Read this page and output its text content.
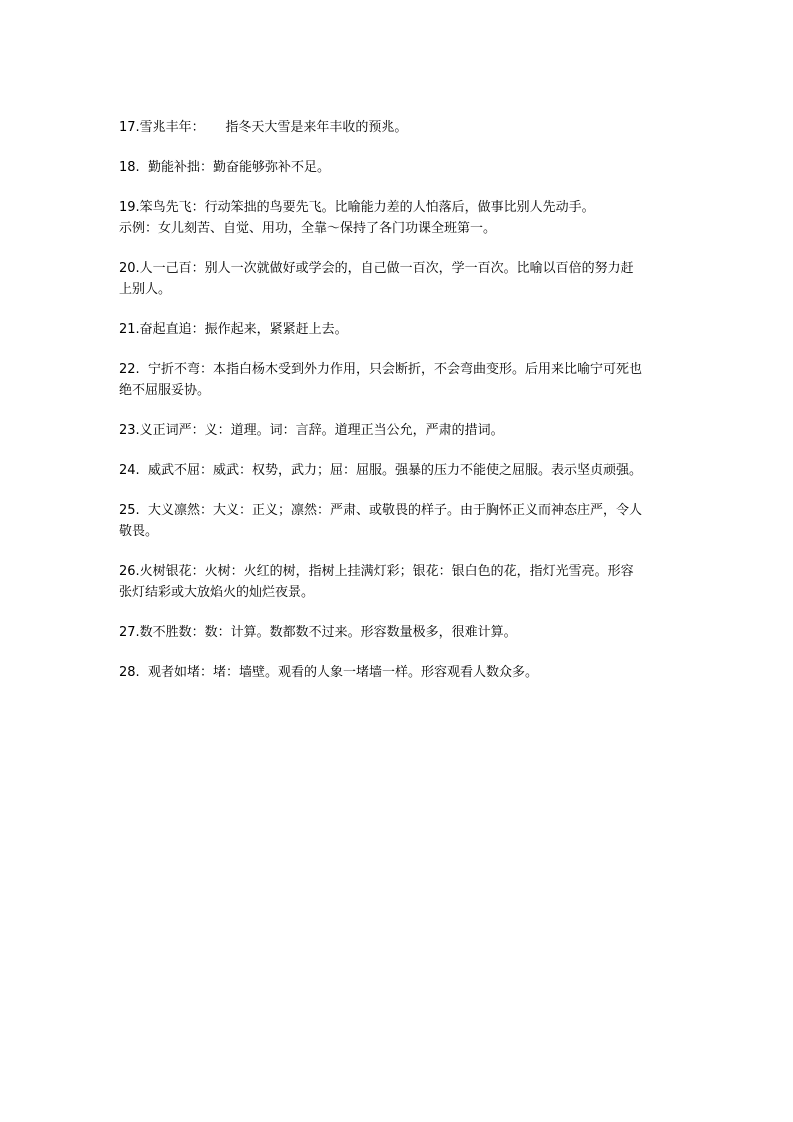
17.雪兆丰年：     指冬天大雪是来年丰收的预兆。
18.  勤能补拙：勤奋能够弥补不足。
19.笨鸟先飞：行动笨拙的鸟要先飞。比喻能力差的人怕落后，做事比别人先动手。
示例：女儿刻苦、自觉、用功，全靠～保持了各门功课全班第一。
20.人一己百：别人一次就做好或学会的，自己做一百次，学一百次。比喻以百倍的努力赶
上别人。
21.奋起直追：振作起来，紧紧赶上去。
22.  宁折不弯：本指白杨木受到外力作用，只会断折，不会弯曲变形。后用来比喻宁可死也
绝不屈服妥协。
23.义正词严：义：道理。词：言辞。道理正当公允，严肃的措词。
24.  威武不屈：威武：权势，武力；屈：屈服。强暴的压力不能使之屈服。表示坚贞顽强。
25.  大义凛然：大义：正义；凛然：严肃、或敬畏的样子。由于胸怀正义而神态庄严，令人
敬畏。
26.火树银花：火树：火红的树，指树上挂满灯彩；银花：银白色的花，指灯光雪亮。形容
张灯结彩或大放焰火的灿烂夜景。
27.数不胜数：数：计算。数都数不过来。形容数量极多，很难计算。
28.  观者如堵：堵：墙壁。观看的人象一堵墙一样。形容观看人数众多。
